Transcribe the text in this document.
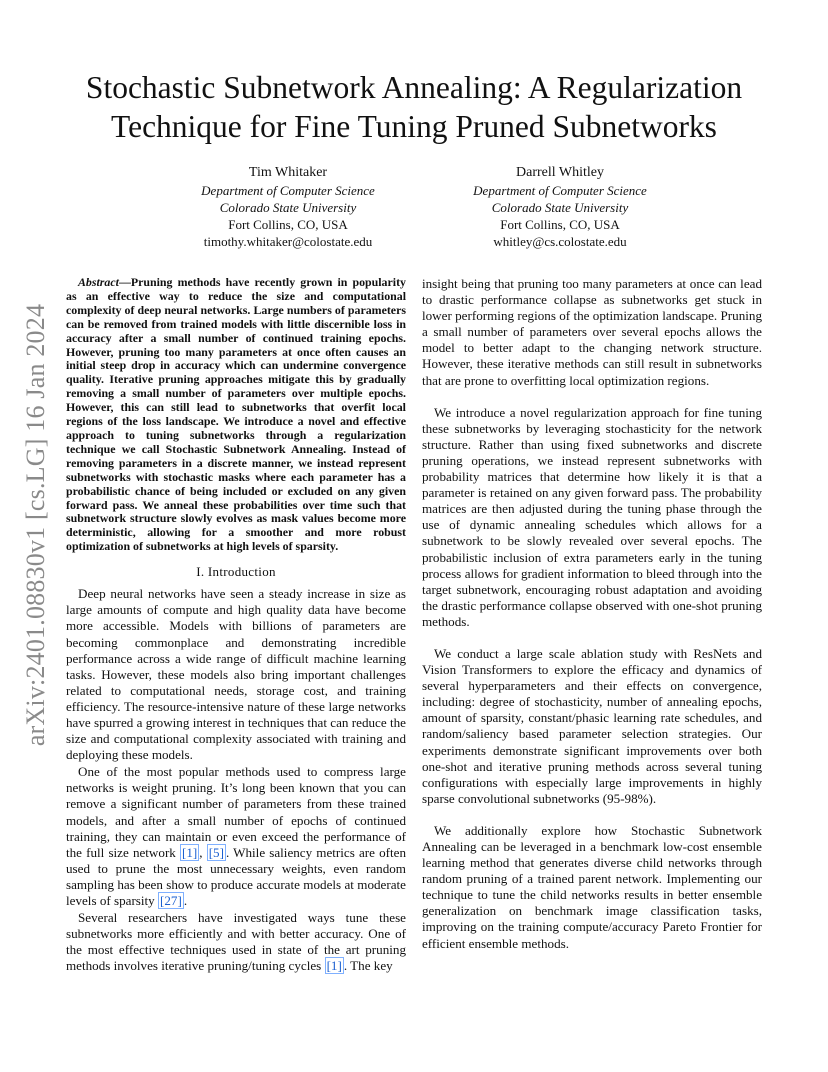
arXiv:2401.08830v1 [cs.LG] 16 Jan 2024
Stochastic Subnetwork Annealing: A Regularization Technique for Fine Tuning Pruned Subnetworks
Tim Whitaker
Department of Computer Science
Colorado State University
Fort Collins, CO, USA
timothy.whitaker@colostate.edu
Darrell Whitley
Department of Computer Science
Colorado State University
Fort Collins, CO, USA
whitley@cs.colostate.edu

Abstract—Pruning methods have recently grown in popularity as an effective way to reduce the size and computational complexity of deep neural networks. Large numbers of parameters can be removed from trained models with little discernible loss in accuracy after a small number of continued training epochs. However, pruning too many parameters at once often causes an initial steep drop in accuracy which can undermine convergence quality. Iterative pruning approaches mitigate this by gradually removing a small number of parameters over multiple epochs. However, this can still lead to subnetworks that overfit local regions of the loss landscape. We introduce a novel and effective approach to tuning subnetworks through a regularization technique we call Stochastic Subnetwork Annealing. Instead of removing parameters in a discrete manner, we instead represent subnetworks with stochastic masks where each parameter has a probabilistic chance of being included or excluded on any given forward pass. We anneal these probabilities over time such that subnetwork structure slowly evolves as mask values become more deterministic, allowing for a smoother and more robust optimization of subnetworks at high levels of sparsity.

I. Introduction

Deep neural networks have seen a steady increase in size as large amounts of compute and high quality data have become more accessible. Models with billions of parameters are becoming commonplace and demonstrating incredible performance across a wide range of difficult machine learning tasks. However, these models also bring important challenges related to computational needs, storage cost, and training efficiency. The resource-intensive nature of these large networks have spurred a growing interest in techniques that can reduce the size and computational complexity associated with training and deploying these models.

One of the most popular methods used to compress large networks is weight pruning. It’s long been known that you can remove a significant number of parameters from these trained models, and after a small number of epochs of continued training, they can maintain or even exceed the performance of the full size network [1] , [5] . While saliency metrics are often used to prune the most unnecessary weights, even random sampling has been show to produce accurate models at moderate levels of sparsity [27] .

Several researchers have investigated ways tune these subnetworks more efficiently and with better accuracy. One of the most effective techniques used in state of the art pruning methods involves iterative pruning/tuning cycles [1] . The key

insight being that pruning too many parameters at once can lead to drastic performance collapse as subnetworks get stuck in lower performing regions of the optimization landscape. Pruning a small number of parameters over several epochs allows the model to better adapt to the changing network structure. However, these iterative methods can still result in subnetworks that are prone to overfitting local optimization regions.

We introduce a novel regularization approach for fine tuning these subnetworks by leveraging stochasticity for the network structure. Rather than using fixed subnetworks and discrete pruning operations, we instead represent subnetworks with probability matrices that determine how likely it is that a parameter is retained on any given forward pass. The probability matrices are then adjusted during the tuning phase through the use of dynamic annealing schedules which allows for a subnetwork to be slowly revealed over several epochs. The probabilistic inclusion of extra parameters early in the tuning process allows for gradient information to bleed through into the target subnetwork, encouraging robust adaptation and avoiding the drastic performance collapse observed with one-shot pruning methods.

We conduct a large scale ablation study with ResNets and Vision Transformers to explore the efficacy and dynamics of several hyperparameters and their effects on convergence, including: degree of stochasticity, number of annealing epochs, amount of sparsity, constant/phasic learning rate schedules, and random/saliency based parameter selection strategies. Our experiments demonstrate significant improvements over both one-shot and iterative pruning methods across several tuning configurations with especially large improvements in highly sparse convolutional subnetworks (95-98%).

We additionally explore how Stochastic Subnetwork Annealing can be leveraged in a benchmark low-cost ensemble learning method that generates diverse child networks through random pruning of a trained parent network. Implementing our technique to tune the child networks results in better ensemble generalization on benchmark image classification tasks, improving on the training compute/accuracy Pareto Frontier for efficient ensemble methods.
